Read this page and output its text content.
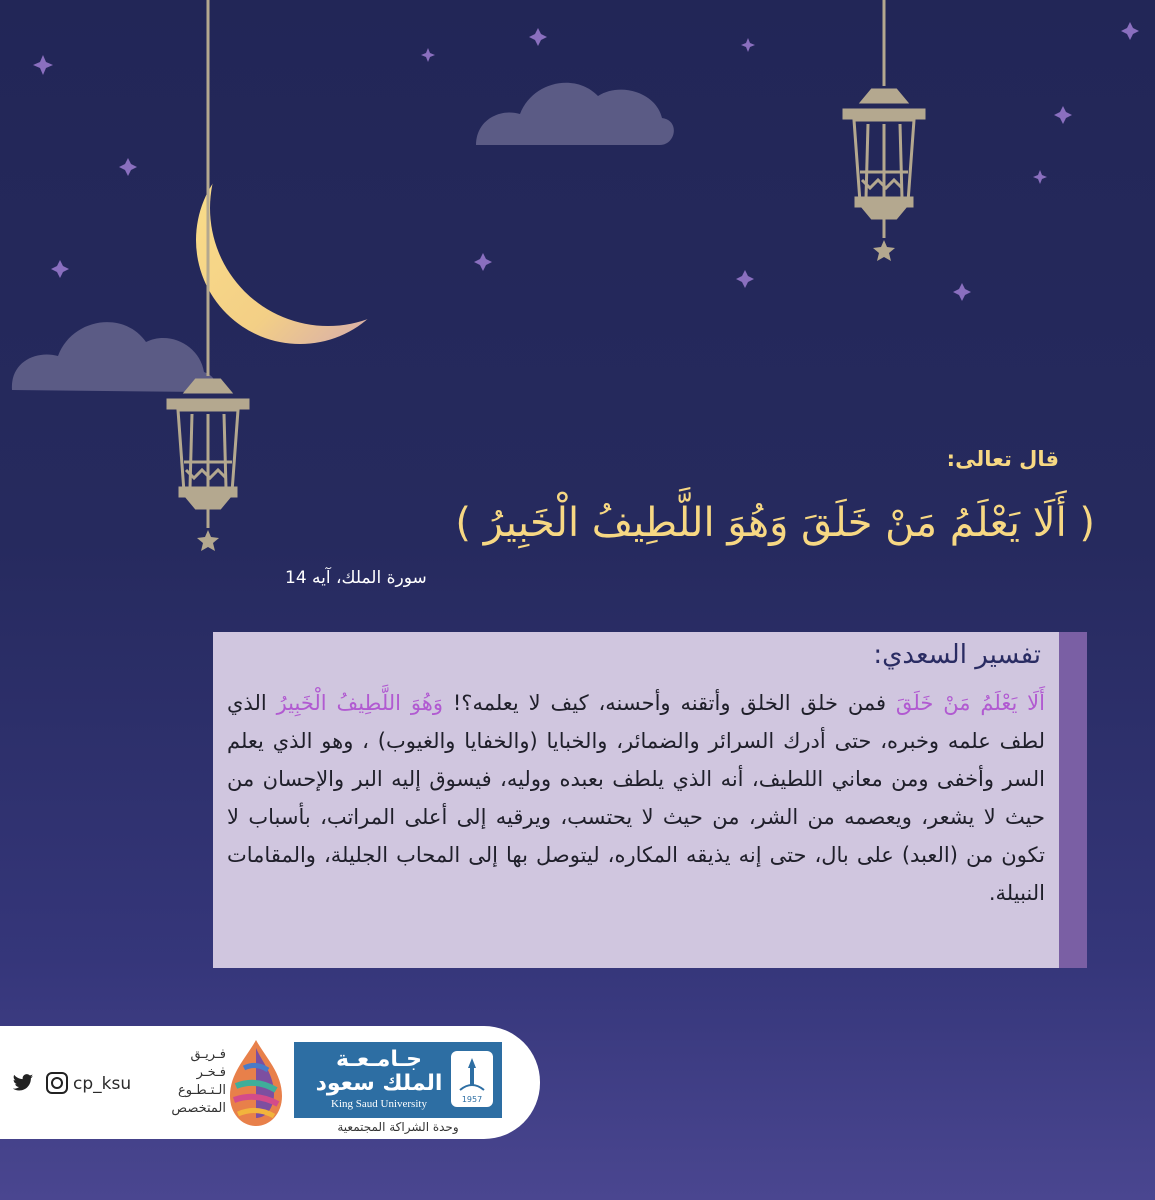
قال تعالى:
( أَلَا يَعْلَمُ مَنْ خَلَقَ وَهُوَ اللَّطِيفُ الْخَبِيرُ )
سورة الملك، آيه 14
تفسير السعدي:
أَلَا يَعْلَمُ مَنْ خَلَقَ فمن خلق الخلق وأتقنه وأحسنه، كيف لا يعلمه؟! وَهُوَ اللَّطِيفُ الْخَبِيرُ الذي لطف علمه وخبره، حتى أدرك السرائر والضمائر، والخبايا (والخفايا والغيوب) ، وهو الذي يعلم السر وأخفى ومن معاني اللطيف، أنه الذي يلطف بعبده ووليه، فيسوق إليه البر والإحسان من حيث لا يشعر، ويعصمه من الشر، من حيث لا يحتسب، ويرقيه إلى أعلى المراتب، بأسباب لا تكون من (العبد) على بال، حتى إنه يذيقه المكاره، ليتوصل بها إلى المحاب الجليلة، والمقامات النبيلة.
cp_ksu
فـريـق
فـخـر
الـتـطـوع
المتخصص
جـامـعـة
الملك سعود
King Saud University	1957
وحدة الشراكة المجتمعية
